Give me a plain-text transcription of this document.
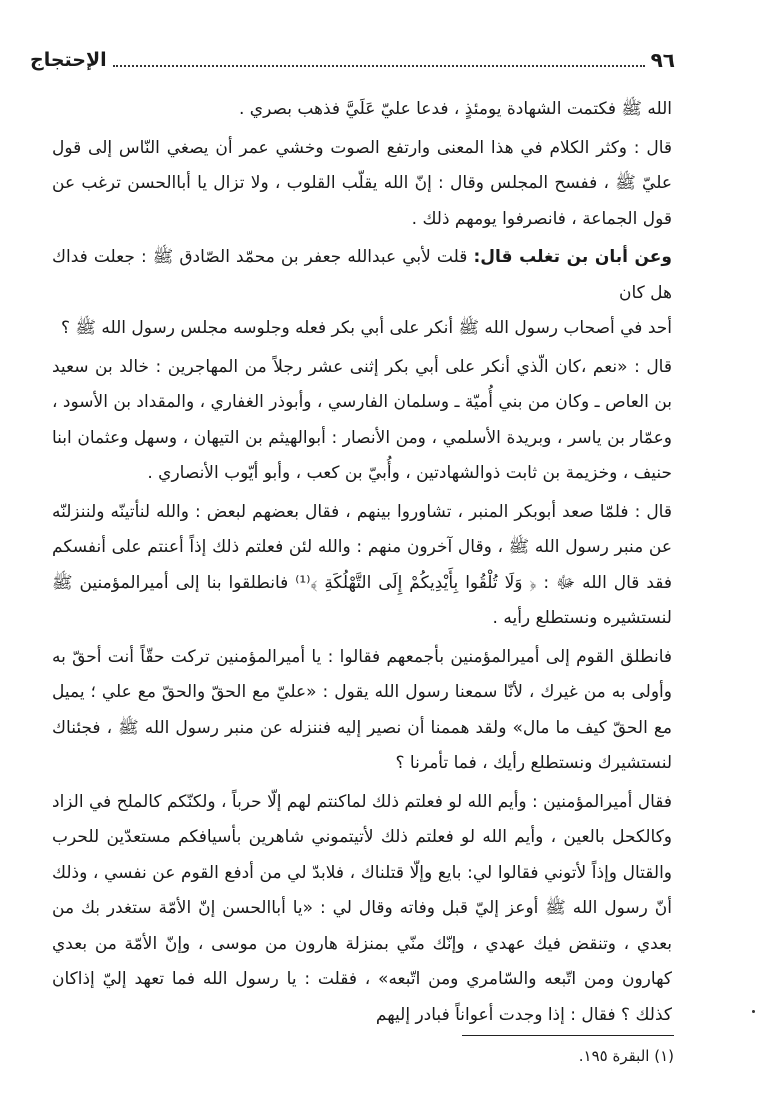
٩٦
الإحتجاج

الله ﷺ فكتمت الشهادة يومئذٍ ، فدعا عليّ عَلَيَّ فذهب بصري .

قال : وكثر الكلام في هذا المعنى وارتفع الصوت وخشي عمر أن يصغي النّاس إلى قول عليّ ﷺ ، ففسح المجلس وقال : إنّ الله يقلّب القلوب ، ولا تزال يا أباالحسن ترغب عن قول الجماعة ، فانصرفوا يومهم ذلك .

وعن أبان بن تغلب قال: قلت لأبي عبدالله جعفر بن محمّد الصّادق ﷺ : جعلت فداك هل كان

أحد في أصحاب رسول الله ﷺ أنكر على أبي بكر فعله وجلوسه مجلس رسول الله ﷺ ؟

قال : «نعم ،كان الّذي أنكر على أبي بكر إثنى عشر رجلاً من المهاجرين : خالد بن سعيد بن العاص ـ وكان من بني أُميّة ـ وسلمان الفارسي ، وأبوذر الغفاري ، والمقداد بن الأسود ، وعمّار بن ياسر ، وبريدة الأسلمي ، ومن الأنصار : أبوالهيثم بن التيهان ، وسهل وعثمان ابنا حنيف ، وخزيمة بن ثابت ذوالشهادتين ، وأُبيّ بن كعب ، وأبو أيّوب الأنصاري .

قال : فلمّا صعد أبوبكر المنبر ، تشاوروا بينهم ، فقال بعضهم لبعض : والله لنأتينّه ولننزلنّه عن منبر رسول الله ﷺ ، وقال آخرون منهم : والله لئن فعلتم ذلك إذاً أعنتم على أنفسكم فقد قال الله ﷻ : ﴿ وَلَا تُلْقُوا بِأَيْدِيكُمْ إِلَى التَّهْلُكَةِ ﴾⁽¹⁾ فانطلقوا بنا إلى أميرالمؤمنين ﷺ لنستشيره ونستطلع رأيه .

فانطلق القوم إلى أميرالمؤمنين بأجمعهم فقالوا : يا أميرالمؤمنين تركت حقّاً أنت أحقّ به وأولى به من غيرك ، لأنّا سمعنا رسول الله يقول : «عليّ مع الحقّ والحقّ مع علي ؛ يميل مع الحقّ كيف ما مال» ولقد هممنا أن نصير إليه فننزله عن منبر رسول الله ﷺ ، فجئناك لنستشيرك ونستطلع رأيك ، فما تأمرنا ؟

فقال أميرالمؤمنين : وأيم الله لو فعلتم ذلك لماكنتم لهم إلّا حرباً ، ولكنّكم كالملح في الزاد وكالكحل بالعين ، وأيم الله لو فعلتم ذلك لأتيتموني شاهرين بأسيافكم مستعدّين للحرب والقتال وإذاً لأتوني فقالوا لي: بايع وإلّا قتلناك ، فلابدّ لي من أدفع القوم عن نفسي ، وذلك أنّ رسول الله ﷺ أوعز إليّ قبل وفاته وقال لي : «يا أباالحسن إنّ الأمّة ستغدر بك من بعدي ، وتنقض فيك عهدي ، وإنّك منّي بمنزلة هارون من موسى ، وإنّ الأمّة من بعدي كهارون ومن اتّبعه والسّامري ومن اتّبعه» ، فقلت : يا رسول الله فما تعهد إليّ إذاكان كذلك ؟ فقال : إذا وجدت أعواناً فبادر إليهم

(١) البقرة ١٩٥.
